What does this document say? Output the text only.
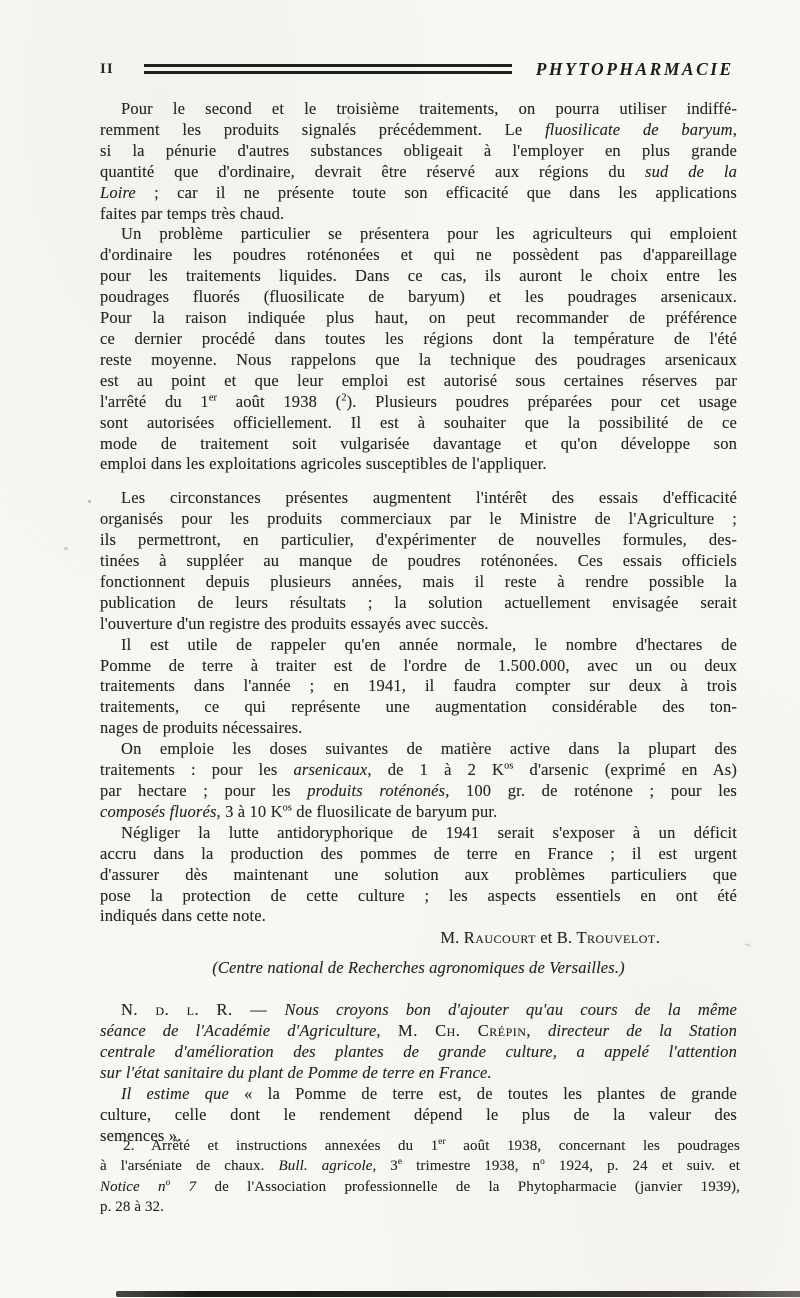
II	PHYTOPHARMACIE
Pour le second et le troisième traitements, on pourra utiliser indiffé-
remment les produits signalés précédemment. Le fluosilicate de baryum,
si la pénurie d'autres substances obligeait à l'employer en plus grande
quantité que d'ordinaire, devrait être réservé aux régions du sud de la
Loire ; car il ne présente toute son efficacité que dans les applications
faites par temps très chaud.
Un problème particulier se présentera pour les agriculteurs qui emploient
d'ordinaire les poudres roténonées et qui ne possèdent pas d'appareillage
pour les traitements liquides. Dans ce cas, ils auront le choix entre les
poudrages fluorés (fluosilicate de baryum) et les poudrages arsenicaux.
Pour la raison indiquée plus haut, on peut recommander de préférence
ce dernier procédé dans toutes les régions dont la température de l'été
reste moyenne. Nous rappelons que la technique des poudrages arsenicaux
est au point et que leur emploi est autorisé sous certaines réserves par
l'arrêté du 1er août 1938 ($^2$). Plusieurs poudres préparées pour cet usage
sont autorisées officiellement. Il est à souhaiter que la possibilité de ce
mode de traitement soit vulgarisée davantage et qu'on développe son
emploi dans les exploitations agricoles susceptibles de l'appliquer.
Les circonstances présentes augmentent l'intérêt des essais d'efficacité
organisés pour les produits commerciaux par le Ministre de l'Agriculture ;
ils permettront, en particulier, d'expérimenter de nouvelles formules, des-
tinées à suppléer au manque de poudres roténonées. Ces essais officiels
fonctionnent depuis plusieurs années, mais il reste à rendre possible la
publication de leurs résultats ; la solution actuellement envisagée serait
l'ouverture d'un registre des produits essayés avec succès.
Il est utile de rappeler qu'en année normale, le nombre d'hectares de
Pomme de terre à traiter est de l'ordre de 1.500.000, avec un ou deux
traitements dans l'année ; en 1941, il faudra compter sur deux à trois
traitements, ce qui représente une augmentation considérable des ton-
nages de produits nécessaires.
On emploie les doses suivantes de matière active dans la plupart des
traitements : pour les arsenicaux, de 1 à 2 $K^{os}$ d'arsenic (exprimé en As)
par hectare ; pour les produits roténonés, 100 gr. de roténone ; pour les
composés fluorés, 3 à 10 $K^{os}$ de fluosilicate de baryum pur.
Négliger la lutte antidoryphorique de 1941 serait s'exposer à un déficit
accru dans la production des pommes de terre en France ; il est urgent
d'assurer dès maintenant une solution aux problèmes particuliers que
pose la protection de cette culture ; les aspects essentiels en ont été
indiqués dans cette note.
M. Raucourt et B. Trouvelot.
(Centre national de Recherches agronomiques de Versailles.)
N. d. l. R. — Nous croyons bon d'ajouter qu'au cours de la même
séance de l'Académie d'Agriculture, M. Ch. Crépin, directeur de la Station
centrale d'amélioration des plantes de grande culture, a appelé l'attention
sur l'état sanitaire du plant de Pomme de terre en France.
Il estime que « la Pomme de terre est, de toutes les plantes de grande
culture, celle dont le rendement dépend le plus de la valeur des
semences ».
2. Arrêté et instructions annexées du 1er août 1938, concernant les poudrages
à l'arséniate de chaux. Bull. agricole, 3e trimestre 1938, $n^o$ 1924, p. 24 et suiv. et
Notice $n^o$ 7 de l'Association professionnelle de la Phytopharmacie (janvier 1939),
p. 28 à 32.
